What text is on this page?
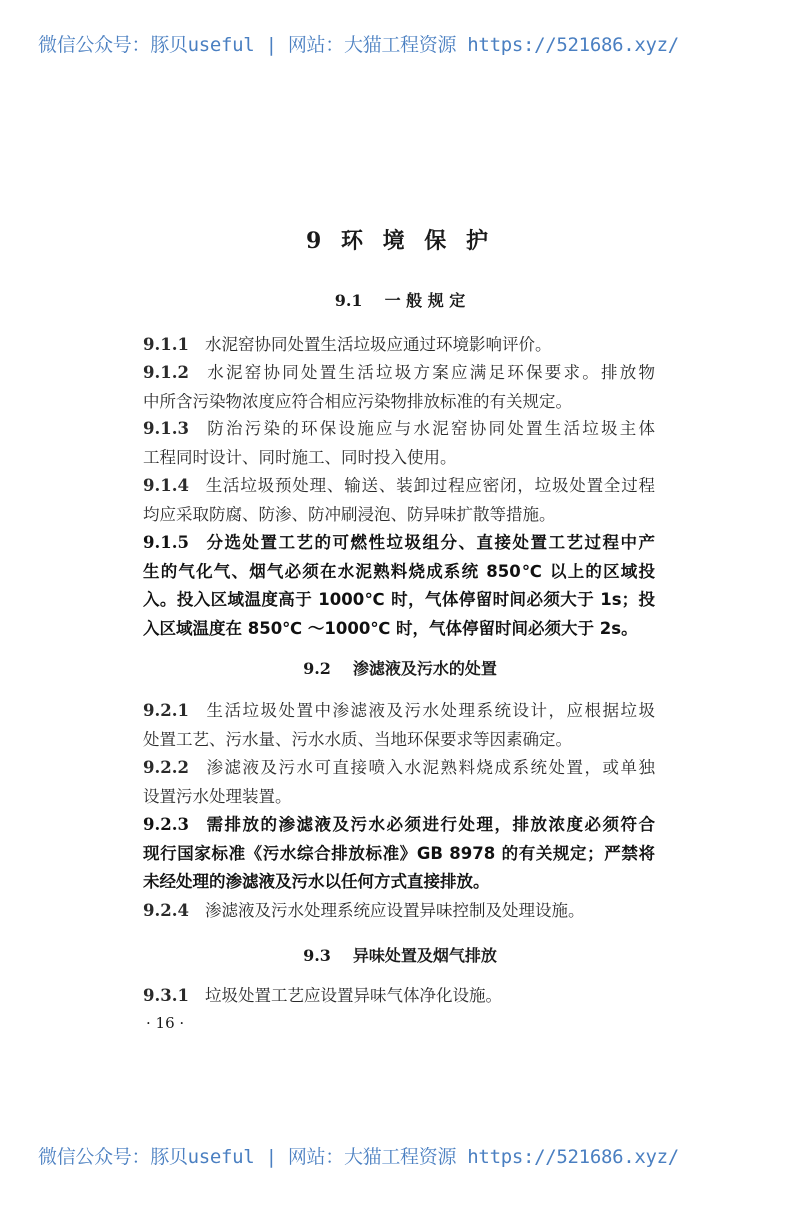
微信公众号：豚贝useful | 网站：大猫工程资源 https://521686.xyz/
9 环 境 保 护
9.1 一 般 规 定
9.1.1 水泥窑协同处置生活垃圾应通过环境影响评价。
9.1.2 水泥窑协同处置生活垃圾方案应满足环保要求。排放物
中所含污染物浓度应符合相应污染物排放标准的有关规定。
9.1.3 防治污染的环保设施应与水泥窑协同处置生活垃圾主体
工程同时设计、同时施工、同时投入使用。
9.1.4 生活垃圾预处理、输送、装卸过程应密闭，垃圾处置全过程
均应采取防腐、防渗、防冲刷浸泡、防异味扩散等措施。
9.1.5 分选处置工艺的可燃性垃圾组分、直接处置工艺过程中产
生的气化气、烟气必须在水泥熟料烧成系统 850℃ 以上的区域投
入。投入区域温度高于 1000℃ 时，气体停留时间必须大于 1s；投
入区域温度在 850℃ ～1000℃ 时，气体停留时间必须大于 2s。
9.2 渗滤液及污水的处置
9.2.1 生活垃圾处置中渗滤液及污水处理系统设计，应根据垃圾
处置工艺、污水量、污水水质、当地环保要求等因素确定。
9.2.2 渗滤液及污水可直接喷入水泥熟料烧成系统处置，或单独
设置污水处理装置。
9.2.3 需排放的渗滤液及污水必须进行处理，排放浓度必须符合
现行国家标准《污水综合排放标准》GB 8978 的有关规定；严禁将
未经处理的渗滤液及污水以任何方式直接排放。
9.2.4 渗滤液及污水处理系统应设置异味控制及处理设施。
9.3 异味处置及烟气排放
9.3.1 垃圾处置工艺应设置异味气体净化设施。
· 16 ·
微信公众号：豚贝useful | 网站：大猫工程资源 https://521686.xyz/
